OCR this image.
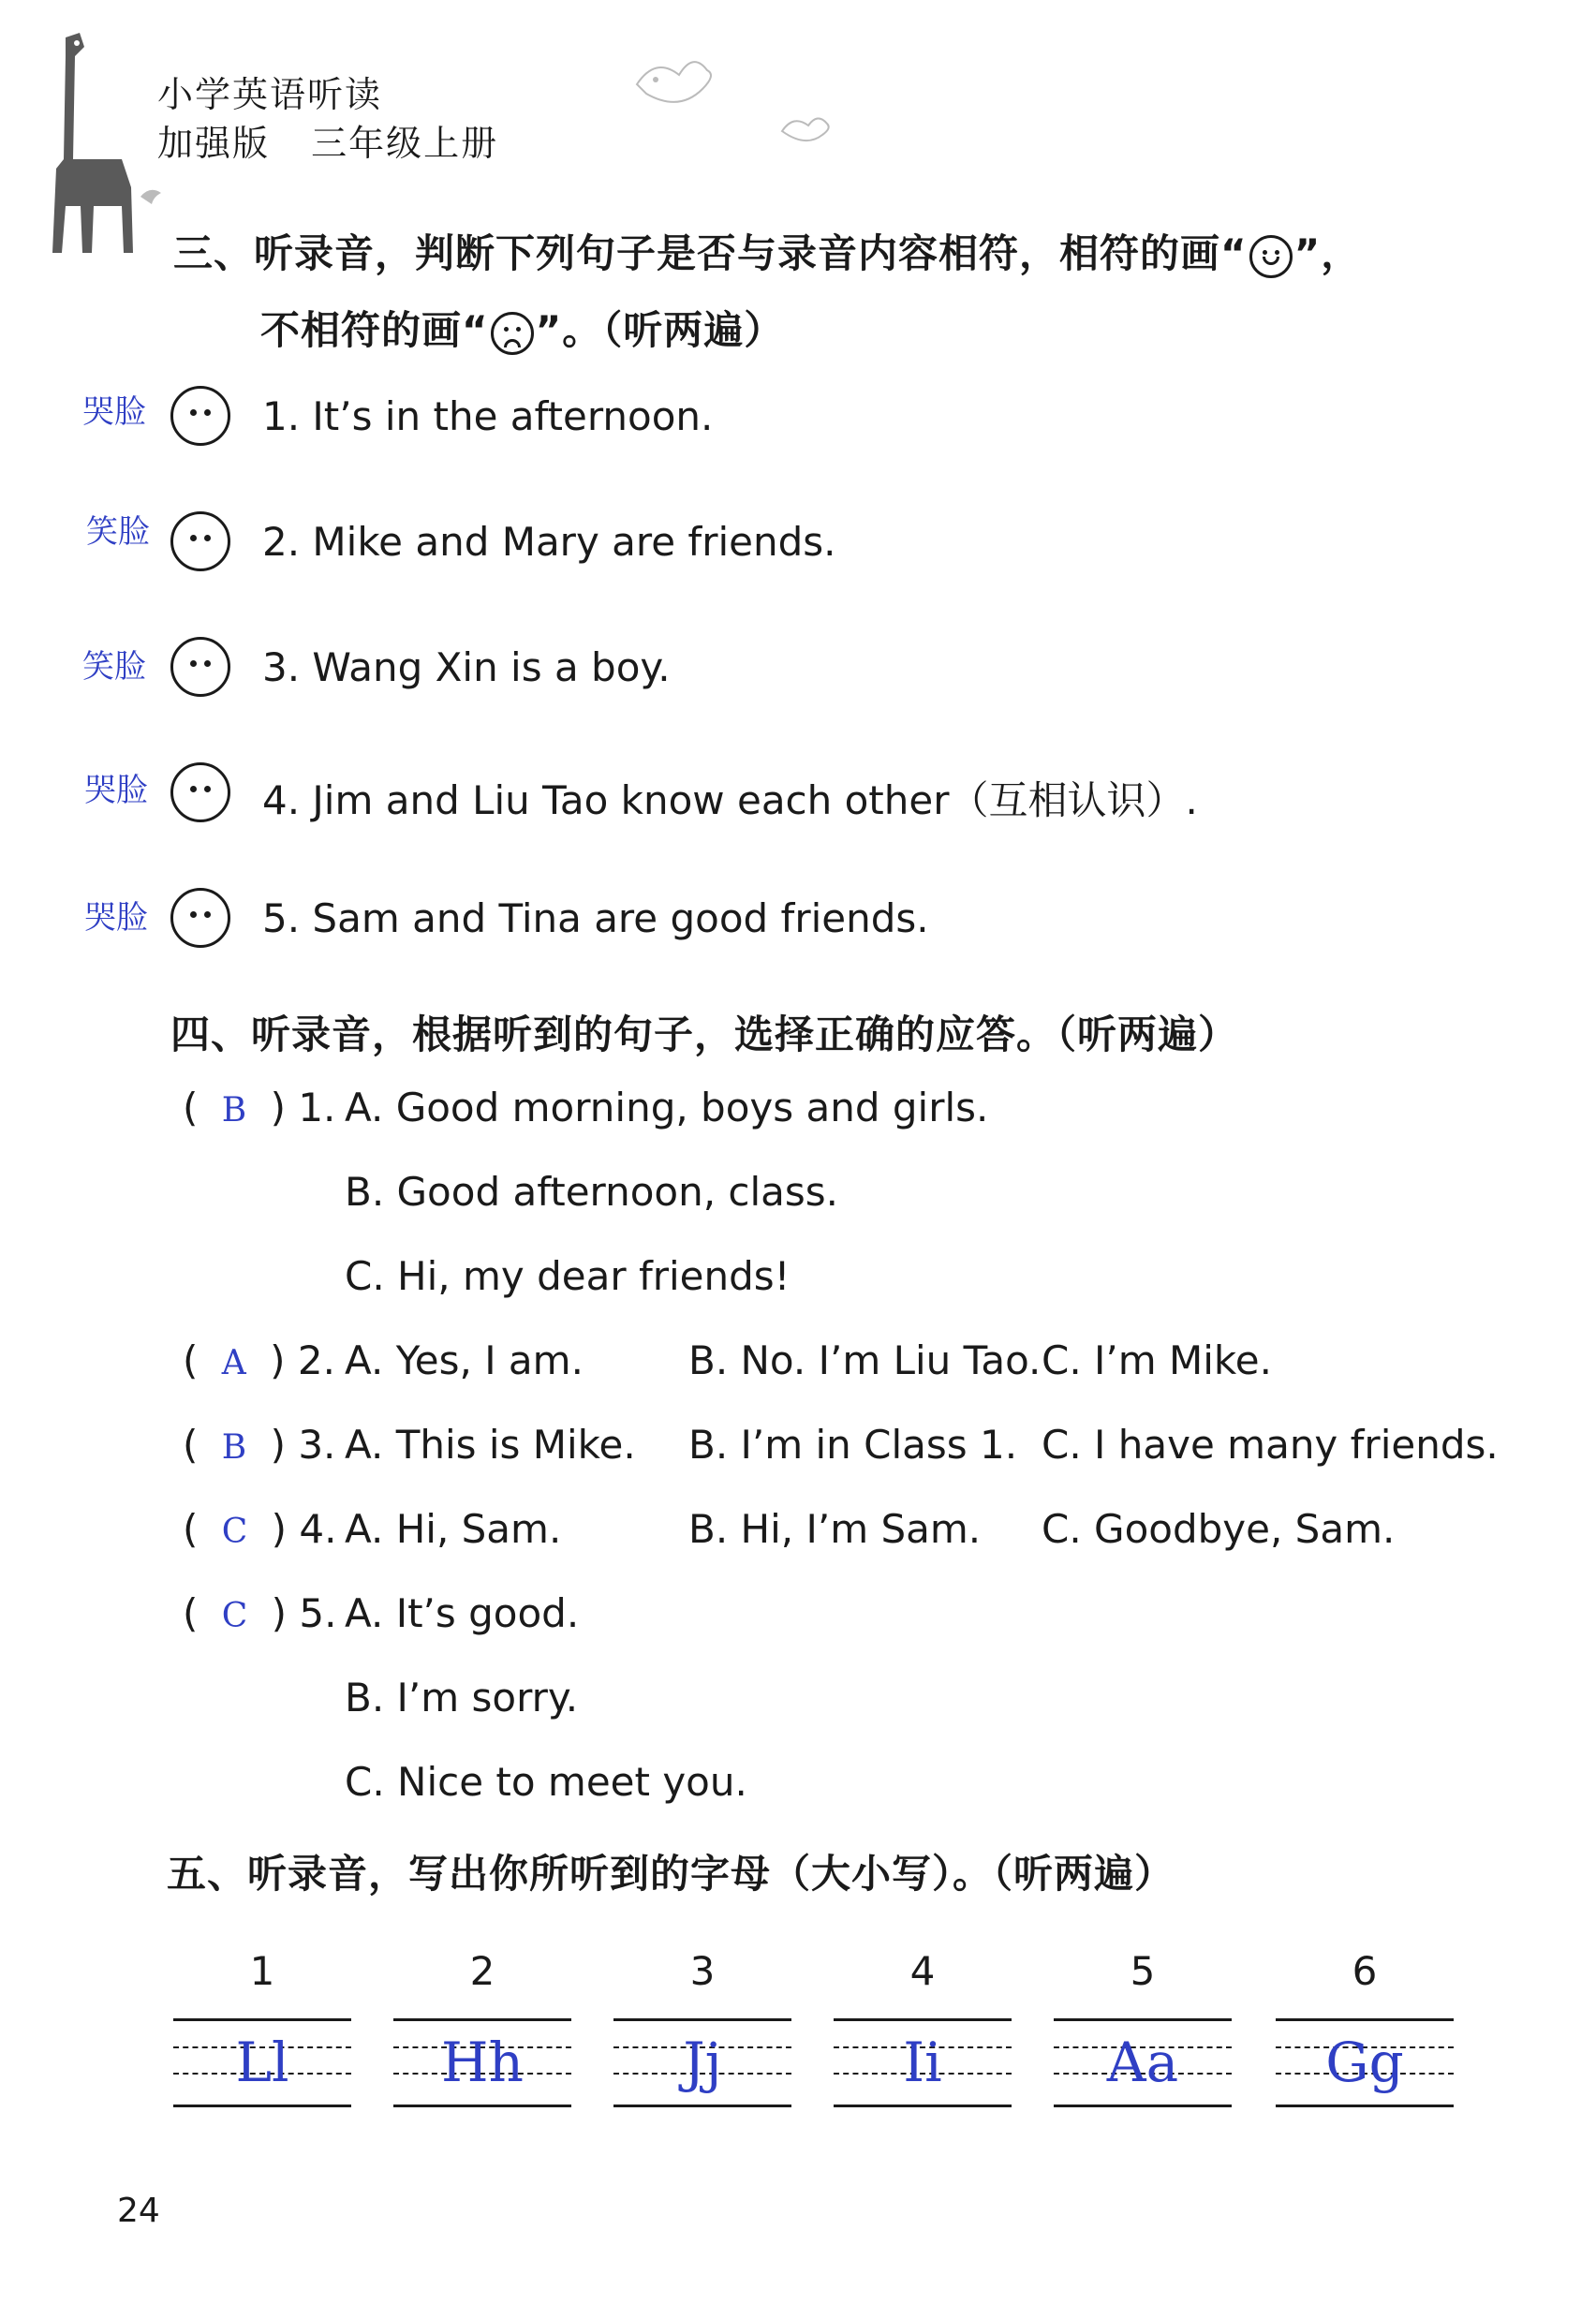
小学英语听读
加强版 三年级上册
三、听录音，判断下列句子是否与录音内容相符，相符的画“ ”，
不相符的画“ ”。（听两遍）
哭脸	1. It’s in the afternoon.
笑脸	2. Mike and Mary are friends.
笑脸	3. Wang Xin is a boy.
哭脸	4. Jim and Liu Tao know each other（互相认识）.
哭脸	5. Sam and Tina are good friends.
四、听录音，根据听到的句子，选择正确的应答。（听两遍）
( B ) 1. A. Good morning, boys and girls.
B. Good afternoon, class.
C. Hi, my dear friends!
( A ) 2. A. Yes, I am.	B. No. I’m Liu Tao. C. I’m Mike.
( B ) 3. A. This is Mike. B. I’m in Class 1. C. I have many friends.
( C ) 4. A. Hi, Sam.	B. Hi, I’m Sam. C. Goodbye, Sam.
( C ) 5. A. It’s good.
B. I’m sorry.
C. Nice to meet you.
五、听录音，写出你所听到的字母（大小写）。（听两遍）
1
Ll
2
Hh
3
Jj
4
Ii
5
Aa
6
Gg
24
